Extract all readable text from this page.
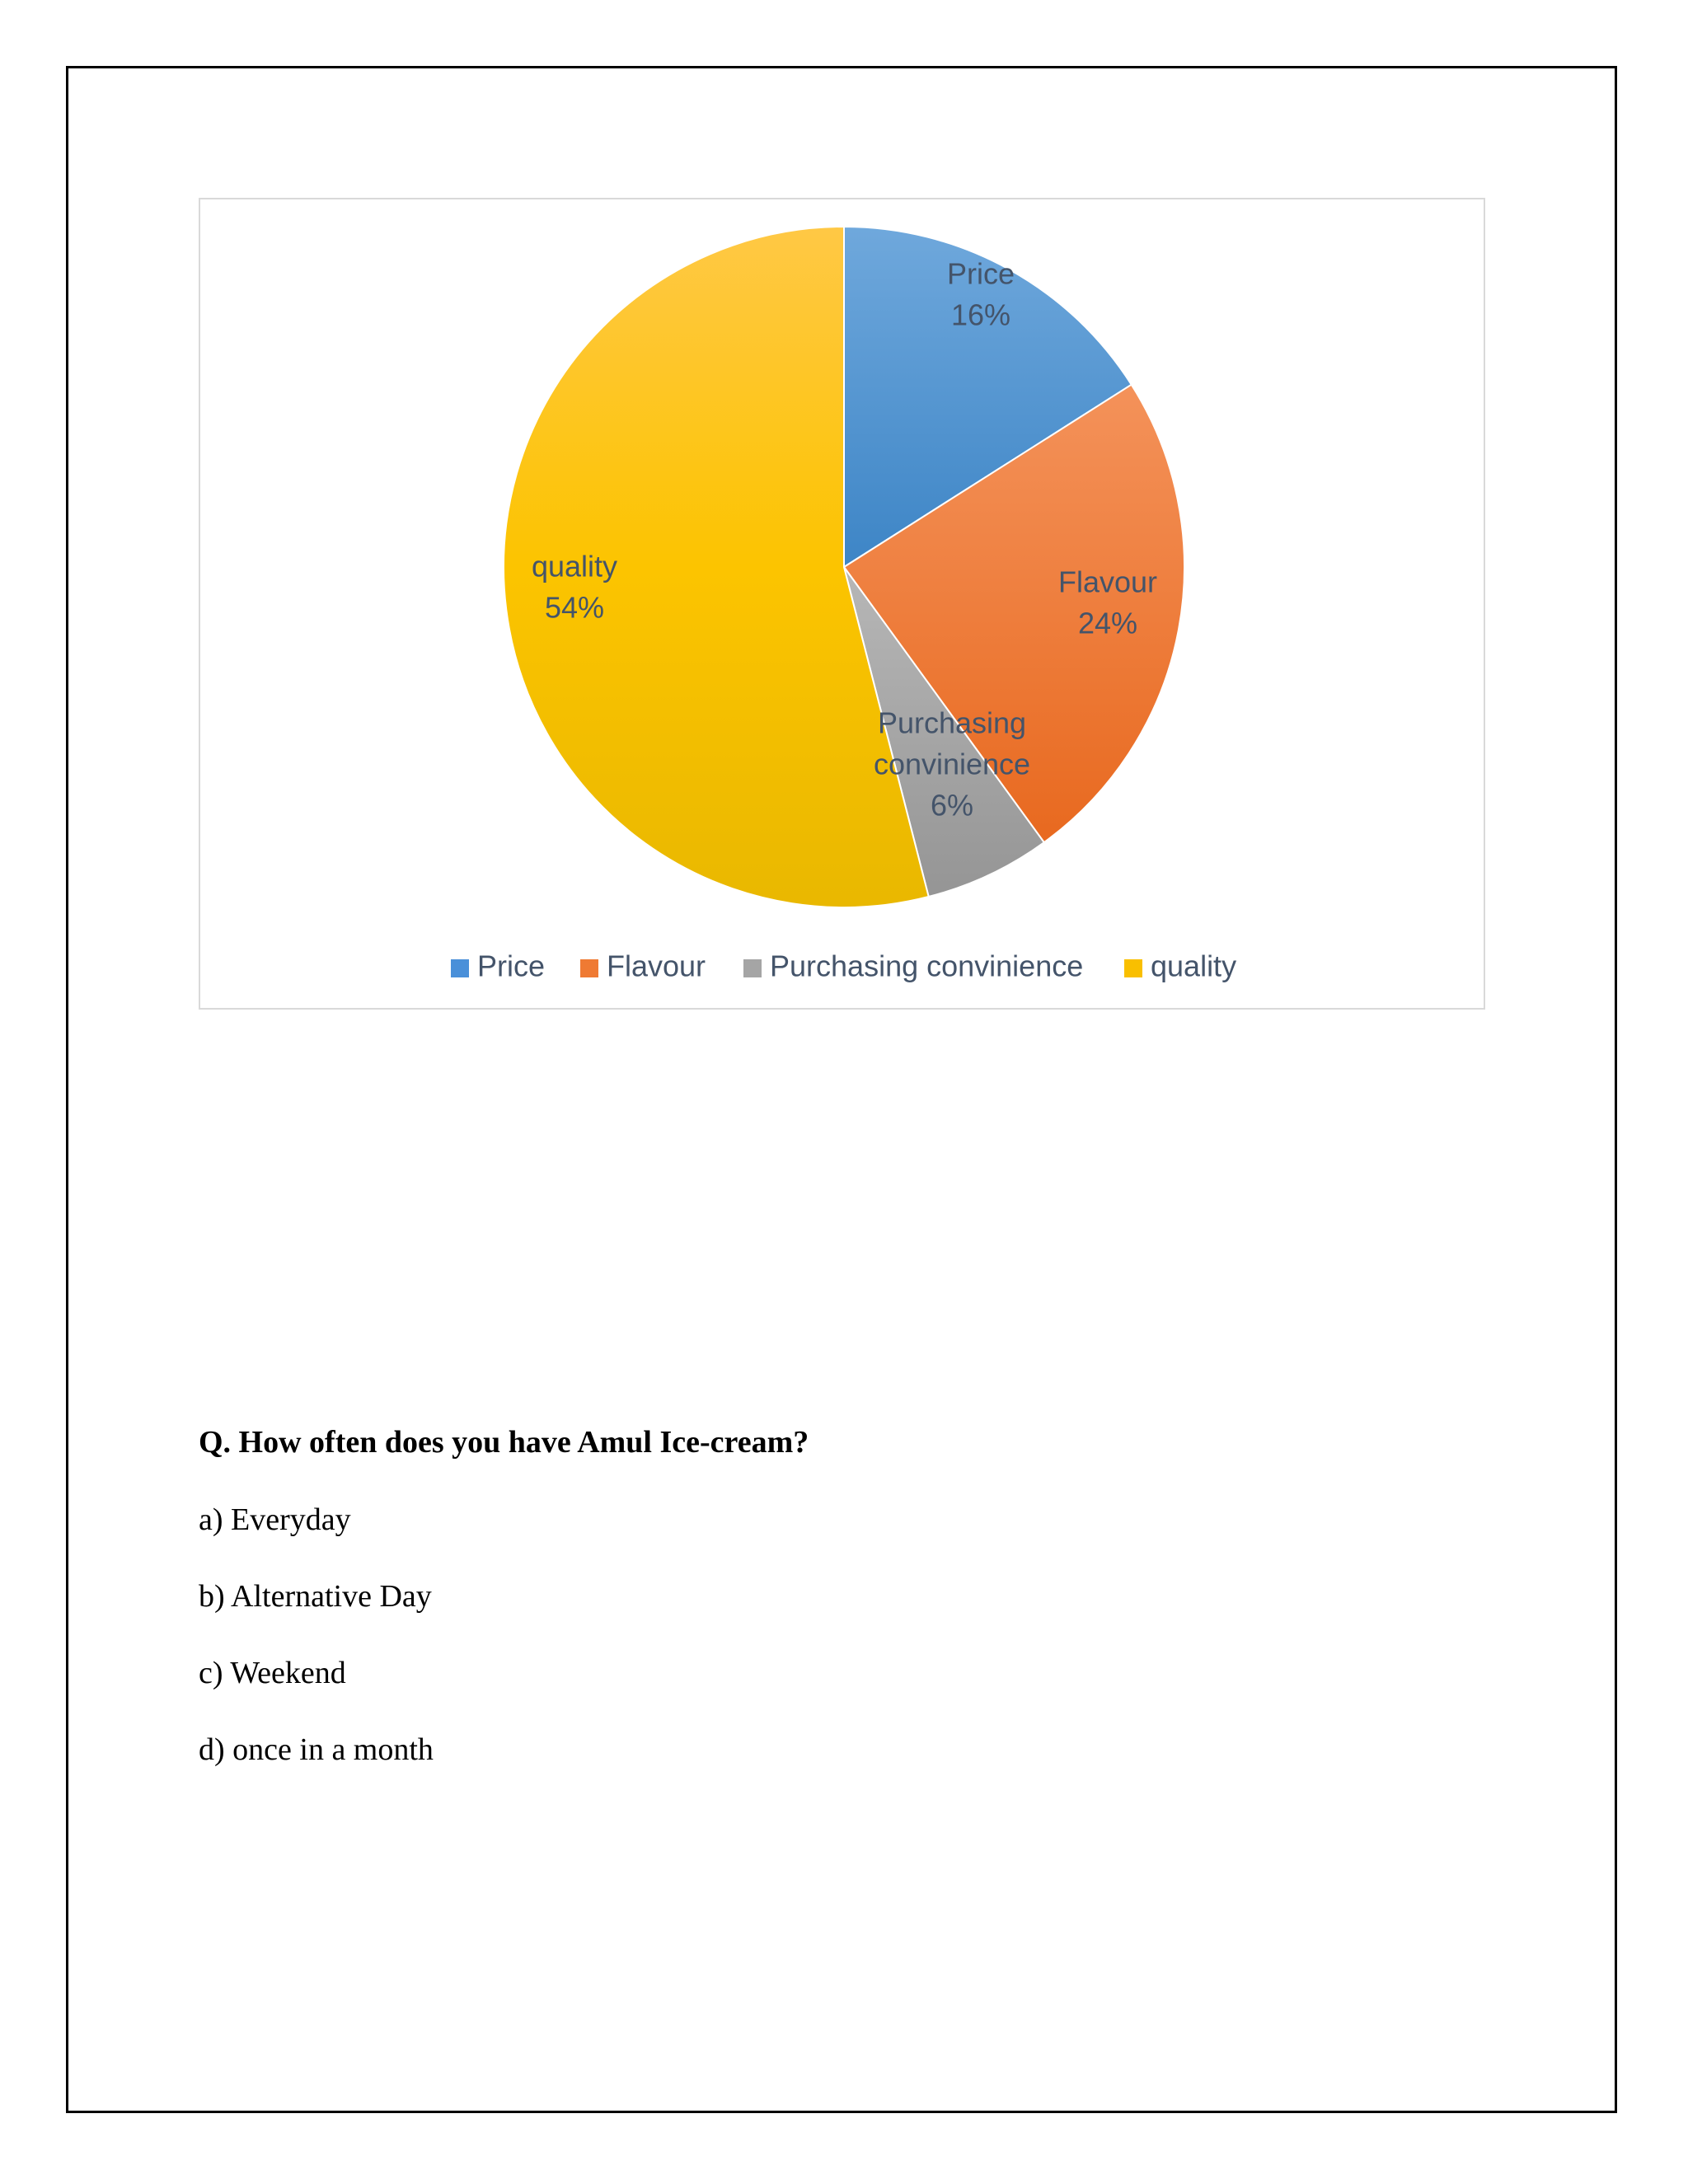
Price
16%
Flavour
24%
Purchasing
convinience
6%
quality
54%
Price Flavour Purchasing convinience quality
Q. How often does you have Amul Ice-cream?
a) Everyday
b) Alternative Day
c) Weekend
d) once in a month
